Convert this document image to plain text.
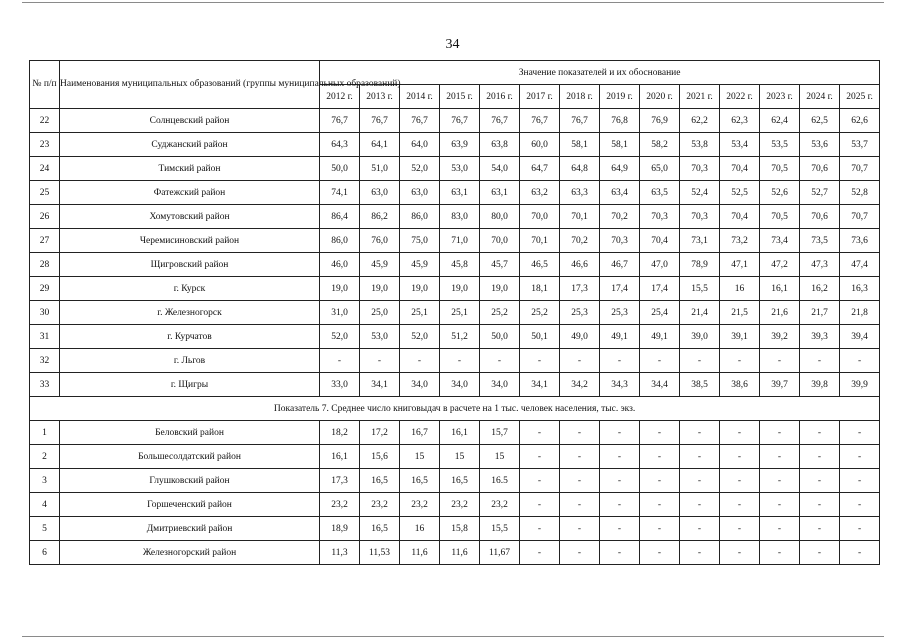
34
№ п/п	Наименования муниципальных образований (группы муниципальных образований)	Значение показателей и их обоснование													
		2012 г.	2013 г.	2014 г.	2015 г.	2016 г.	2017 г.	2018 г.	2019 г.	2020 г.	2021 г.	2022 г.	2023 г.	2024 г.	2025 г.
22	Солнцевский район	76,7	76,7	76,7	76,7	76,7	76,7	76,7	76,8	76,9	62,2	62,3	62,4	62,5	62,6
23	Суджанский район	64,3	64,1	64,0	63,9	63,8	60,0	58,1	58,1	58,2	53,8	53,4	53,5	53,6	53,7
24	Тимский район	50,0	51,0	52,0	53,0	54,0	64,7	64,8	64,9	65,0	70,3	70,4	70,5	70,6	70,7
25	Фатежский район	74,1	63,0	63,0	63,1	63,1	63,2	63,3	63,4	63,5	52,4	52,5	52,6	52,7	52,8
26	Хомутовский район	86,4	86,2	86,0	83,0	80,0	70,0	70,1	70,2	70,3	70,3	70,4	70,5	70,6	70,7
27	Черемисиновский район	86,0	76,0	75,0	71,0	70,0	70,1	70,2	70,3	70,4	73,1	73,2	73,4	73,5	73,6
28	Щигровский район	46,0	45,9	45,9	45,8	45,7	46,5	46,6	46,7	47,0	78,9	47,1	47,2	47,3	47,4
29	г. Курск	19,0	19,0	19,0	19,0	19,0	18,1	17,3	17,4	17,4	15,5	16	16,1	16,2	16,3
30	г. Железногорск	31,0	25,0	25,1	25,1	25,2	25,2	25,3	25,3	25,4	21,4	21,5	21,6	21,7	21,8
31	г. Курчатов	52,0	53,0	52,0	51,2	50,0	50,1	49,0	49,1	49,1	39,0	39,1	39,2	39,3	39,4
32	г. Льгов	-	-	-	-	-	-	-	-	-	-	-	-	-	-
33	г. Щигры	33,0	34,1	34,0	34,0	34,0	34,1	34,2	34,3	34,4	38,5	38,6	39,7	39,8	39,9
Показатель 7. Среднее число книговыдач в расчете на 1 тыс. человек населения, тыс. экз.															
1	Беловский район	18,2	17,2	16,7	16,1	15,7	-	-	-	-	-	-	-	-	-
2	Большесолдатский район	16,1	15,6	15	15	15	-	-	-	-	-	-	-	-	-
3	Глушковский район	17,3	16,5	16,5	16,5	16.5	-	-	-	-	-	-	-	-	-
4	Горшеченский район	23,2	23,2	23,2	23,2	23,2	-	-	-	-	-	-	-	-	-
5	Дмитриевский район	18,9	16,5	16	15,8	15,5	-	-	-	-	-	-	-	-	-
6	Железногорский район	11,3	11,53	11,6	11,6	11,67	-	-	-	-	-	-	-	-	-
